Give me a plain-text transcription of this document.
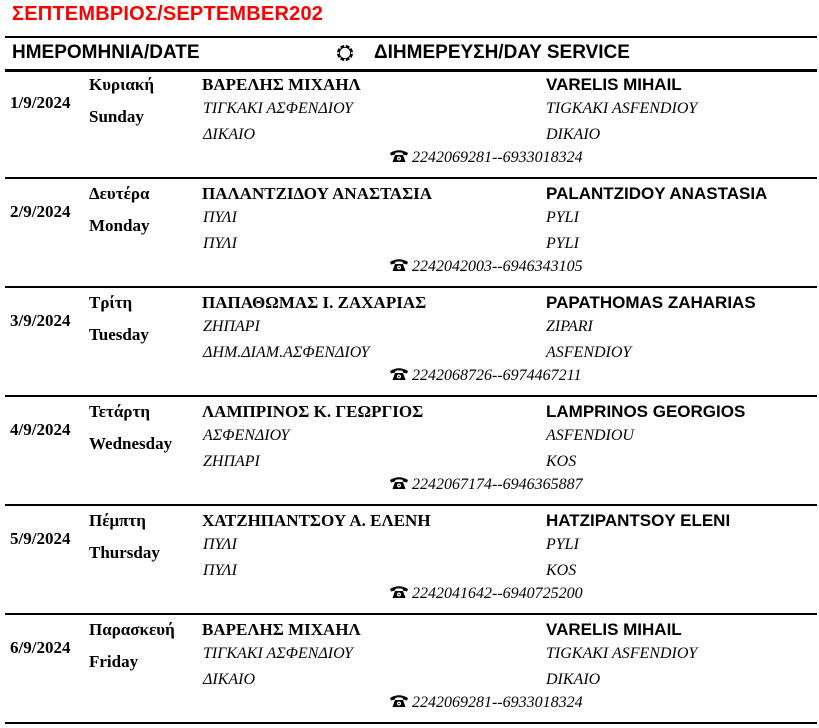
ΣΕΠΤΕΜΒΡΙΟΣ/SEPTEMBER202
ΗΜΕΡΟΜΗΝΙΑ/DATE	ΔΙΗΜΕΡΕΥΣΗ/DAY SERVICE
1/9/2024
Κυριακή
Sunday
ΒΑΡΕΛΗΣ ΜΙΧΑΗΛ	VARELIS MIHAIL
ΤΙΓΚΑΚΙ ΑΣΦΕΝΔΙΟΥ	TIGKAKI ASFENDIOY
ΔΙΚΑΙΟ	DIKAIO
2242069281--6933018324
2/9/2024
Δευτέρα
Monday
ΠΑΛΑΝΤΖΙΔΟΥ ΑΝΑΣΤΑΣΙΑ	PALANTZIDOY ANASTASIA
ΠΥΛΙ	PYLI
ΠΥΛΙ	PYLI
2242042003--6946343105
3/9/2024
Τρίτη
Tuesday
ΠΑΠΑΘΩΜΑΣ Ι. ΖΑΧΑΡΙΑΣ	PAPATHOMAS ZAHARIAS
ΖΗΠΑΡΙ	ZIPARI
ΔΗΜ.ΔΙΑΜ.ΑΣΦΕΝΔΙΟΥ	ASFENDIOY
2242068726--6974467211
4/9/2024
Τετάρτη
Wednesday
ΛΑΜΠΡΙΝΟΣ Κ. ΓΕΩΡΓΙΟΣ	LAMPRINOS GEORGIOS
ΑΣΦΕΝΔΙΟΥ	ASFENDIOU
ΖΗΠΑΡΙ	KOS
2242067174--6946365887
5/9/2024
Πέμπτη
Thursday
ΧΑΤΖΗΠΑΝΤΣΟΥ Α. ΕΛΕΝΗ	HATZIPANTSOY ELENI
ΠΥΛΙ	PYLI
ΠΥΛΙ	KOS
2242041642--6940725200
6/9/2024
Παρασκευή
Friday
ΒΑΡΕΛΗΣ ΜΙΧΑΗΛ	VARELIS MIHAIL
ΤΙΓΚΑΚΙ ΑΣΦΕΝΔΙΟΥ	TIGKAKI ASFENDIOY
ΔΙΚΑΙΟ	DIKAIO
2242069281--6933018324
